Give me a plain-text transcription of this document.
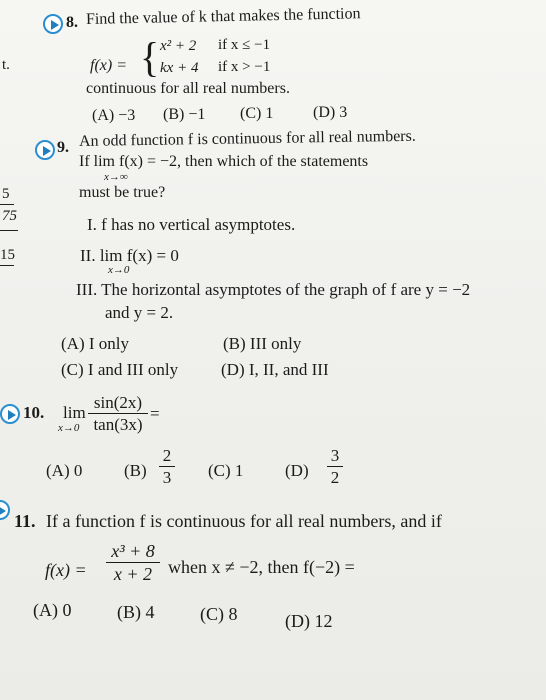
t.
5
75
15
8. Find the value of k that makes the function
f(x) = { x² + 2 if x ≤ −1
kx + 4 if x > −1
continuous for all real numbers.
(A) −3 (B) −1 (C) 1 (D) 3
9. An odd function f is continuous for all real numbers.
If lim f(x) = −2, then which of the statements
x→∞
must be true?
I. f has no vertical asymptotes.
II. lim f(x) = 0
x→0
III. The horizontal asymptotes of the graph of f are y = −2
and y = 2.
(A) I only	(B) III only
(C) I and III only	(D) I, II, and III
10. lim
x→0
sin(2x)
tan(3x)
=
(A) 0 (B)
2
3 (C) 1 (D)
3
2
11. If a function f is continuous for all real numbers, and if
f(x) =
x³ + 8
x + 2 when x ≠ −2, then f(−2) =
(A) 0	(B) 4	(C) 8	(D) 12
